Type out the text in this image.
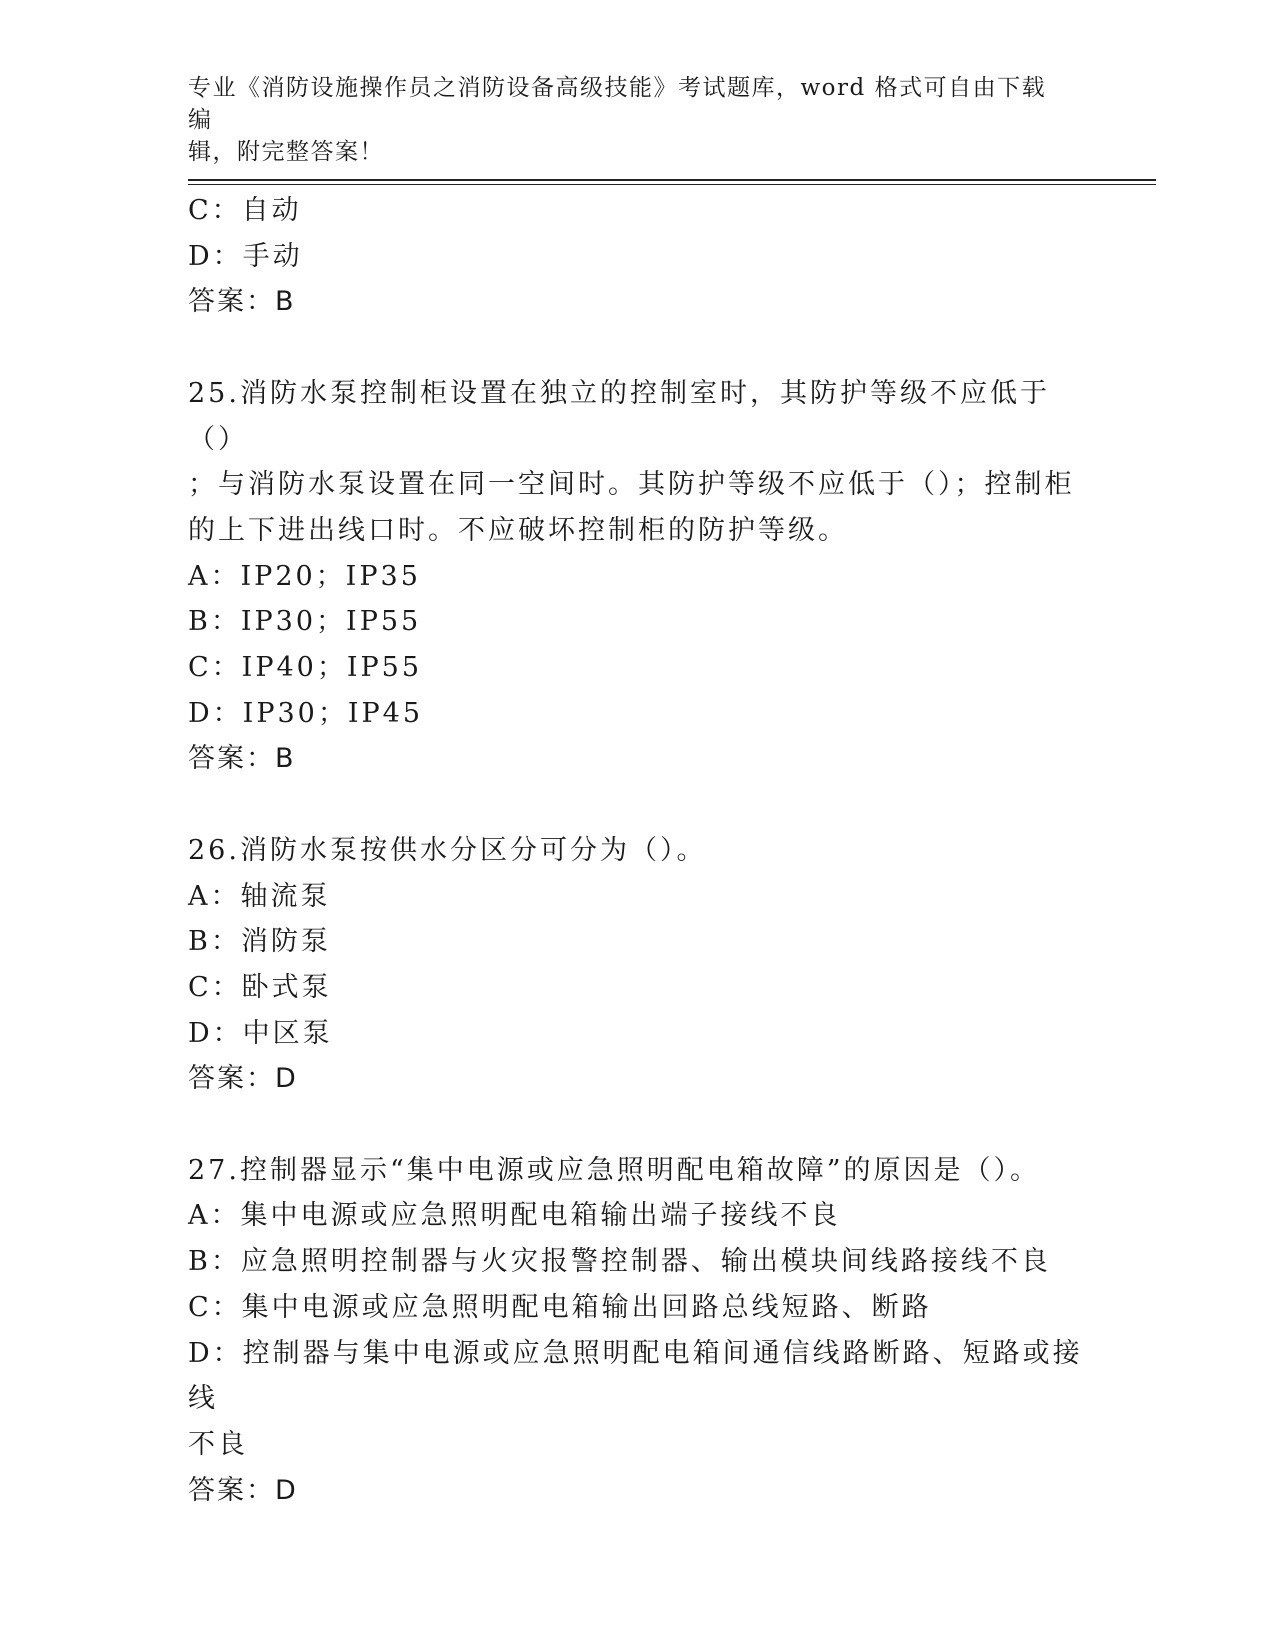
专业《消防设施操作员之消防设备高级技能》考试题库，word 格式可自由下载编
辑，附完整答案！
C：自动
D：手动
答案：B
25.消防水泵控制柜设置在独立的控制室时，其防护等级不应低于（）
；与消防水泵设置在同一空间时。其防护等级不应低于（）；控制柜
的上下进出线口时。不应破坏控制柜的防护等级。
A：IP20；IP35
B：IP30；IP55
C：IP40；IP55
D：IP30；IP45
答案：B
26.消防水泵按供水分区分可分为（）。
A：轴流泵
B：消防泵
C：卧式泵
D：中区泵
答案：D
27.控制器显示“集中电源或应急照明配电箱故障”的原因是（）。
A：集中电源或应急照明配电箱输出端子接线不良
B：应急照明控制器与火灾报警控制器、输出模块间线路接线不良
C：集中电源或应急照明配电箱输出回路总线短路、断路
D：控制器与集中电源或应急照明配电箱间通信线路断路、短路或接线
不良
答案：D
